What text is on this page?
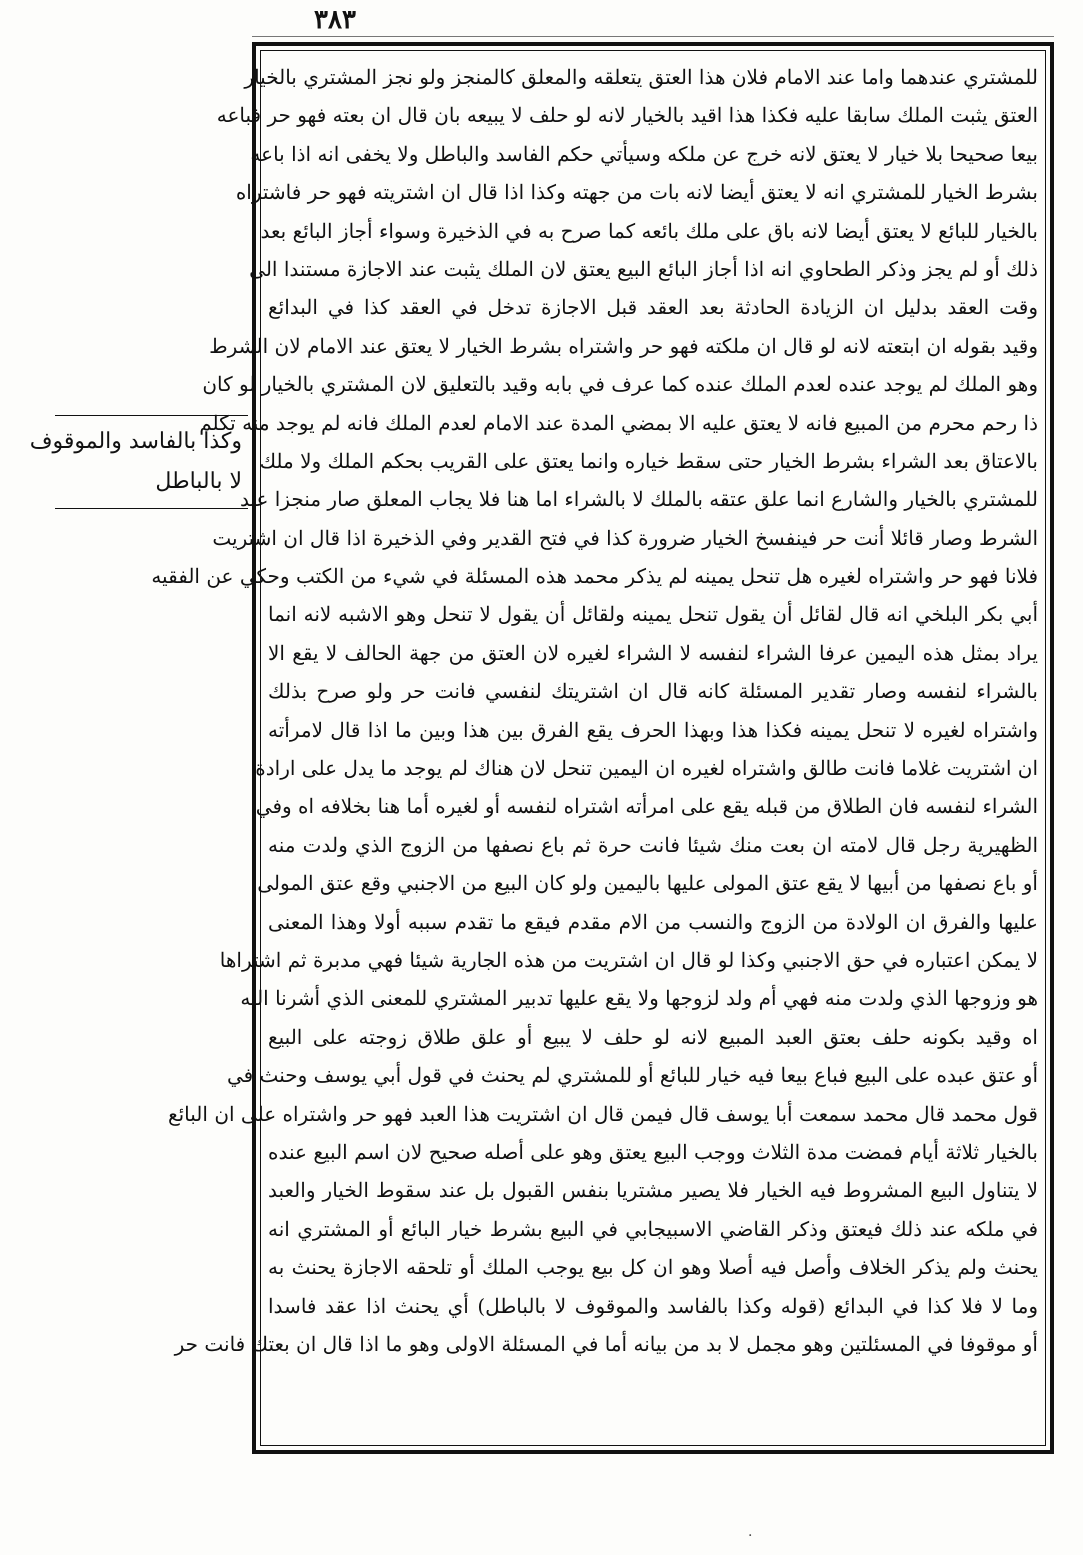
٣٨٣
وكذا بالفاسد والموقوف
لا بالباطل
للمشتري عندهما واما عند الامام فلان هذا العتق يتعلقه والمعلق كالمنجز ولو نجز المشتري بالخيار
العتق يثبت الملك سابقا عليه فكذا هذا اقيد بالخيار لانه لو حلف لا يبيعه بان قال ان بعته فهو حر فباعه
بيعا صحيحا بلا خيار لا يعتق لانه خرج عن ملكه وسيأتي حكم الفاسد والباطل ولا يخفى انه اذا باعه
بشرط الخيار للمشتري انه لا يعتق أيضا لانه بات من جهته وكذا اذا قال ان اشتريته فهو حر فاشتراه
بالخيار للبائع لا يعتق أيضا لانه باق على ملك بائعه كما صرح به في الذخيرة وسواء أجاز البائع بعد
ذلك أو لم يجز وذكر الطحاوي انه اذا أجاز البائع البيع يعتق لان الملك يثبت عند الاجازة مستندا الى
وقت العقد بدليل ان الزيادة الحادثة بعد العقد قبل الاجازة تدخل في العقد كذا في البدائع
وقيد بقوله ان ابتعته لانه لو قال ان ملكته فهو حر واشتراه بشرط الخيار لا يعتق عند الامام لان الشرط
وهو الملك لم يوجد عنده لعدم الملك عنده كما عرف في بابه وقيد بالتعليق لان المشتري بالخيار لو كان
ذا رحم محرم من المبيع فانه لا يعتق عليه الا بمضي المدة عند الامام لعدم الملك فانه لم يوجد منه تكلم
بالاعتاق بعد الشراء بشرط الخيار حتى سقط خياره وانما يعتق على القريب بحكم الملك ولا ملك
للمشتري بالخيار والشارع انما علق عتقه بالملك لا بالشراء اما هنا فلا يجاب المعلق صار منجزا عند
الشرط وصار قائلا أنت حر فينفسخ الخيار ضرورة كذا في فتح القدير وفي الذخيرة اذا قال ان اشتريت
فلانا فهو حر واشتراه لغيره هل تنحل يمينه لم يذكر محمد هذه المسئلة في شيء من الكتب وحكي عن الفقيه
أبي بكر البلخي انه قال لقائل أن يقول تنحل يمينه ولقائل أن يقول لا تنحل وهو الاشبه لانه انما
يراد بمثل هذه اليمين عرفا الشراء لنفسه لا الشراء لغيره لان العتق من جهة الحالف لا يقع الا
بالشراء لنفسه وصار تقدير المسئلة كانه قال ان اشتريتك لنفسي فانت حر ولو صرح بذلك
واشتراه لغيره لا تنحل يمينه فكذا هذا وبهذا الحرف يقع الفرق بين هذا وبين ما اذا قال لامرأته
ان اشتريت غلاما فانت طالق واشتراه لغيره ان اليمين تنحل لان هناك لم يوجد ما يدل على ارادة
الشراء لنفسه فان الطلاق من قبله يقع على امرأته اشتراه لنفسه أو لغيره أما هنا بخلافه اه وفي
الظهيرية رجل قال لامته ان بعت منك شيئا فانت حرة ثم باع نصفها من الزوج الذي ولدت منه
أو باع نصفها من أبيها لا يقع عتق المولى عليها باليمين ولو كان البيع من الاجنبي وقع عتق المولى
عليها والفرق ان الولادة من الزوج والنسب من الام مقدم فيقع ما تقدم سببه أولا وهذا المعنى
لا يمكن اعتباره في حق الاجنبي وكذا لو قال ان اشتريت من هذه الجارية شيئا فهي مدبرة ثم اشتراها
هو وزوجها الذي ولدت منه فهي أم ولد لزوجها ولا يقع عليها تدبير المشتري للمعنى الذي أشرنا اليه
اه وقيد بكونه حلف بعتق العبد المبيع لانه لو حلف لا يبيع أو علق طلاق زوجته على البيع
أو عتق عبده على البيع فباع بيعا فيه خيار للبائع أو للمشتري لم يحنث في قول أبي يوسف وحنث في
قول محمد قال محمد سمعت أبا يوسف قال فيمن قال ان اشتريت هذا العبد فهو حر واشتراه على ان البائع
بالخيار ثلاثة أيام فمضت مدة الثلاث ووجب البيع يعتق وهو على أصله صحيح لان اسم البيع عنده
لا يتناول البيع المشروط فيه الخيار فلا يصير مشتريا بنفس القبول بل عند سقوط الخيار والعبد
في ملكه عند ذلك فيعتق وذكر القاضي الاسبيجابي في البيع بشرط خيار البائع أو المشتري انه
يحنث ولم يذكر الخلاف وأصل فيه أصلا وهو ان كل بيع يوجب الملك أو تلحقه الاجازة يحنث به
وما لا فلا كذا في البدائع (قوله وكذا بالفاسد والموقوف لا بالباطل) أي يحنث اذا عقد فاسدا
أو موقوفا في المسئلتين وهو مجمل لا بد من بيانه أما في المسئلة الاولى وهو ما اذا قال ان بعتك فانت حر
·
